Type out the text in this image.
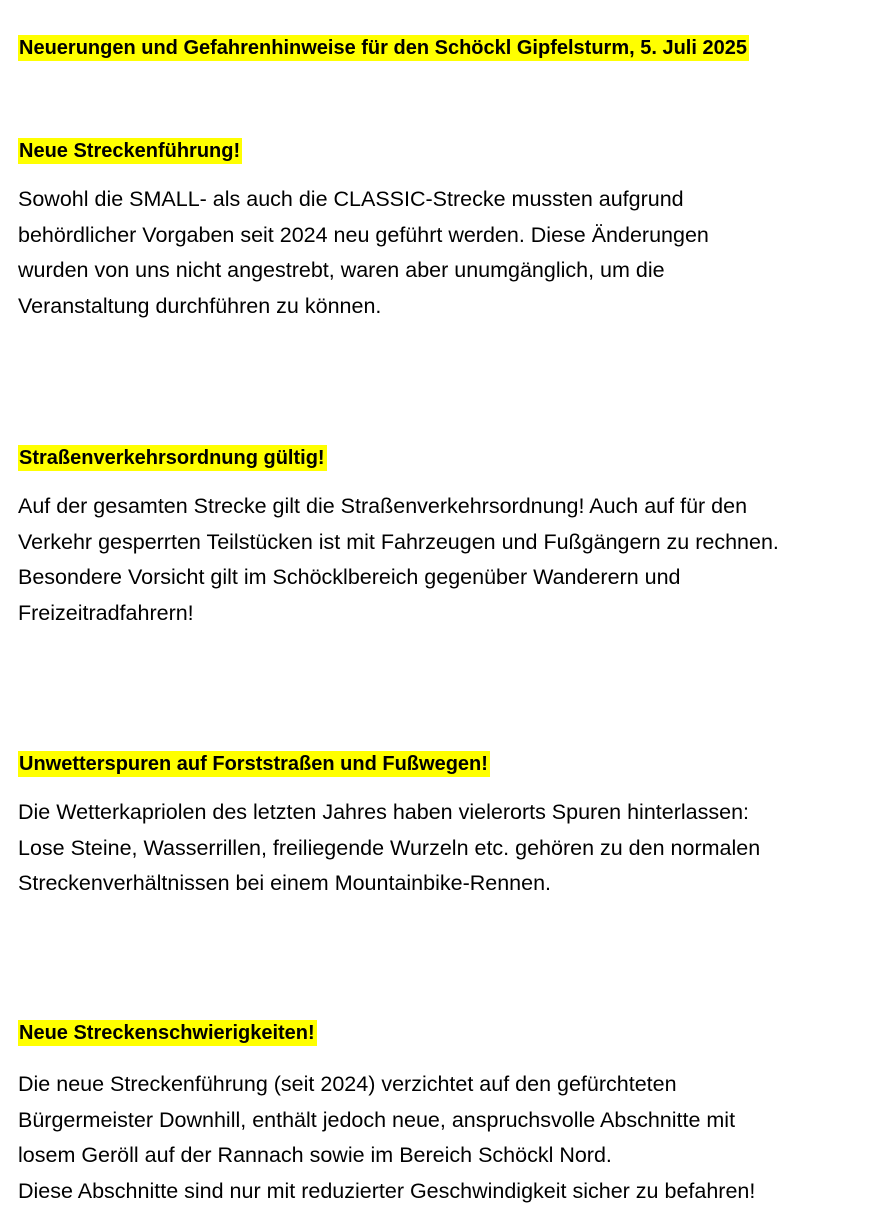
Neuerungen und Gefahrenhinweise für den Schöckl Gipfelsturm, 5. Juli 2025
Neue Streckenführung!

Sowohl die SMALL- als auch die CLASSIC-Strecke mussten aufgrund

behördlicher Vorgaben seit 2024 neu geführt werden. Diese Änderungen

wurden von uns nicht angestrebt, waren aber unumgänglich, um die

Veranstaltung durchführen zu können.

Straßenverkehrsordnung gültig!

Auf der gesamten Strecke gilt die Straßenverkehrsordnung! Auch auf für den

Verkehr gesperrten Teilstücken ist mit Fahrzeugen und Fußgängern zu rechnen.

Besondere Vorsicht gilt im Schöcklbereich gegenüber Wanderern und

Freizeitradfahrern!

Unwetterspuren auf Forststraßen und Fußwegen!

Die Wetterkapriolen des letzten Jahres haben vielerorts Spuren hinterlassen:

Lose Steine, Wasserrillen, freiliegende Wurzeln etc. gehören zu den normalen

Streckenverhältnissen bei einem Mountainbike-Rennen.

Neue Streckenschwierigkeiten!

Die neue Streckenführung (seit 2024) verzichtet auf den gefürchteten

Bürgermeister Downhill, enthält jedoch neue, anspruchsvolle Abschnitte mit

losem Geröll auf der Rannach sowie im Bereich Schöckl Nord.

Diese Abschnitte sind nur mit reduzierter Geschwindigkeit sicher zu befahren!
